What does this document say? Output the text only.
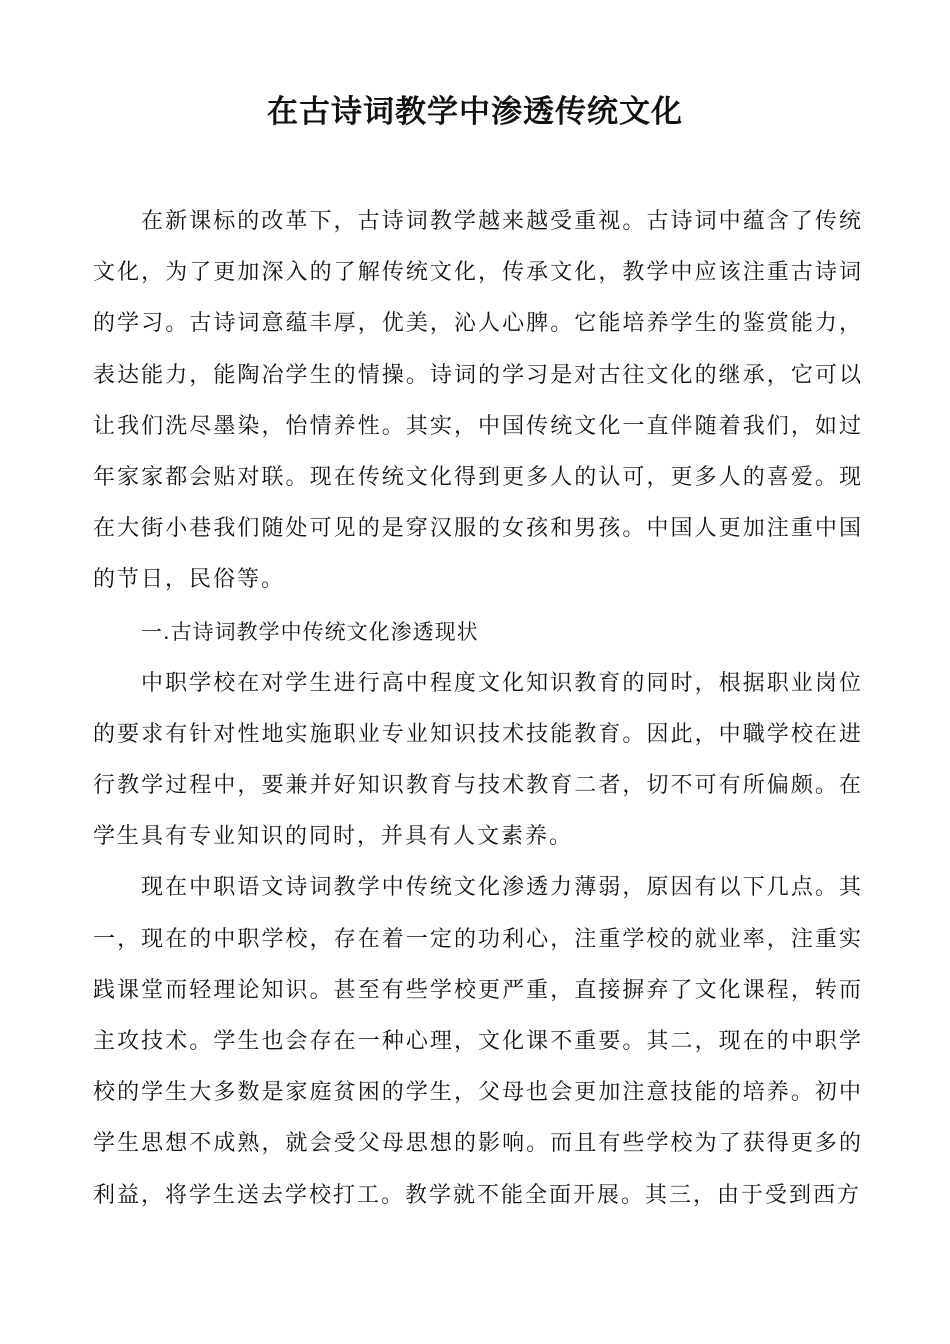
在古诗词教学中渗透传统文化

在新课标的改革下，古诗词教学越来越受重视。古诗词中蕴含了传统文化，为了更加深入的了解传统文化，传承文化，教学中应该注重古诗词的学习。古诗词意蕴丰厚，优美，沁人心脾。它能培养学生的鉴赏能力，表达能力，能陶冶学生的情操。诗词的学习是对古往文化的继承，它可以让我们洗尽墨染，怡情养性。其实，中国传统文化一直伴随着我们，如过年家家都会贴对联。现在传统文化得到更多人的认可，更多人的喜爱。现在大街小巷我们随处可见的是穿汉服的女孩和男孩。中国人更加注重中国的节日，民俗等。

一.古诗词教学中传统文化渗透现状

中职学校在对学生进行高中程度文化知识教育的同时，根据职业岗位的要求有针对性地实施职业专业知识技术技能教育。因此，中職学校在进行教学过程中，要兼并好知识教育与技术教育二者，切不可有所偏颇。在学生具有专业知识的同时，并具有人文素养。

现在中职语文诗词教学中传统文化渗透力薄弱，原因有以下几点。其一，现在的中职学校，存在着一定的功利心，注重学校的就业率，注重实践课堂而轻理论知识。甚至有些学校更严重，直接摒弃了文化课程，转而主攻技术。学生也会存在一种心理，文化课不重要。其二，现在的中职学校的学生大多数是家庭贫困的学生，父母也会更加注意技能的培养。初中学生思想不成熟，就会受父母思想的影响。而且有些学校为了获得更多的利益，将学生送去学校打工。教学就不能全面开展。其三，由于受到西方
